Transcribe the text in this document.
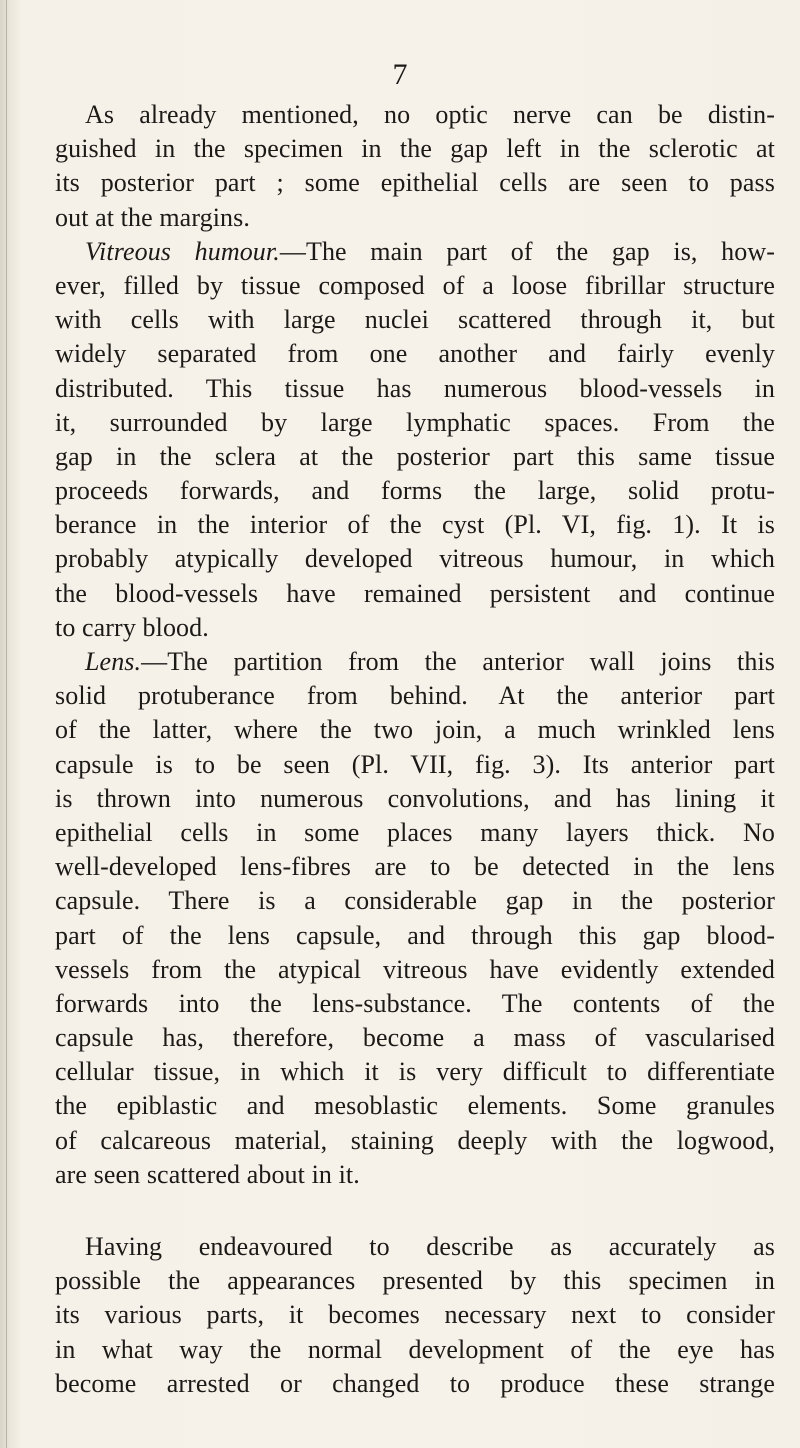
7
As already mentioned, no optic nerve can be distin-
guished in the specimen in the gap left in the sclerotic at
its posterior part ; some epithelial cells are seen to pass
out at the margins.
Vitreous humour.—The main part of the gap is, how-
ever, filled by tissue composed of a loose fibrillar structure
with cells with large nuclei scattered through it, but
widely separated from one another and fairly evenly
distributed. This tissue has numerous blood-vessels in
it, surrounded by large lymphatic spaces. From the
gap in the sclera at the posterior part this same tissue
proceeds forwards, and forms the large, solid protu-
berance in the interior of the cyst (Pl. VI, fig. 1). It is
probably atypically developed vitreous humour, in which
the blood-vessels have remained persistent and continue
to carry blood.
Lens.—The partition from the anterior wall joins this
solid protuberance from behind. At the anterior part
of the latter, where the two join, a much wrinkled lens
capsule is to be seen (Pl. VII, fig. 3). Its anterior part
is thrown into numerous convolutions, and has lining it
epithelial cells in some places many layers thick. No
well-developed lens-fibres are to be detected in the lens
capsule. There is a considerable gap in the posterior
part of the lens capsule, and through this gap blood-
vessels from the atypical vitreous have evidently extended
forwards into the lens-substance. The contents of the
capsule has, therefore, become a mass of vascularised
cellular tissue, in which it is very difficult to differentiate
the epiblastic and mesoblastic elements. Some granules
of calcareous material, staining deeply with the logwood,
are seen scattered about in it.
Having endeavoured to describe as accurately as
possible the appearances presented by this specimen in
its various parts, it becomes necessary next to consider
in what way the normal development of the eye has
become arrested or changed to produce these strange
